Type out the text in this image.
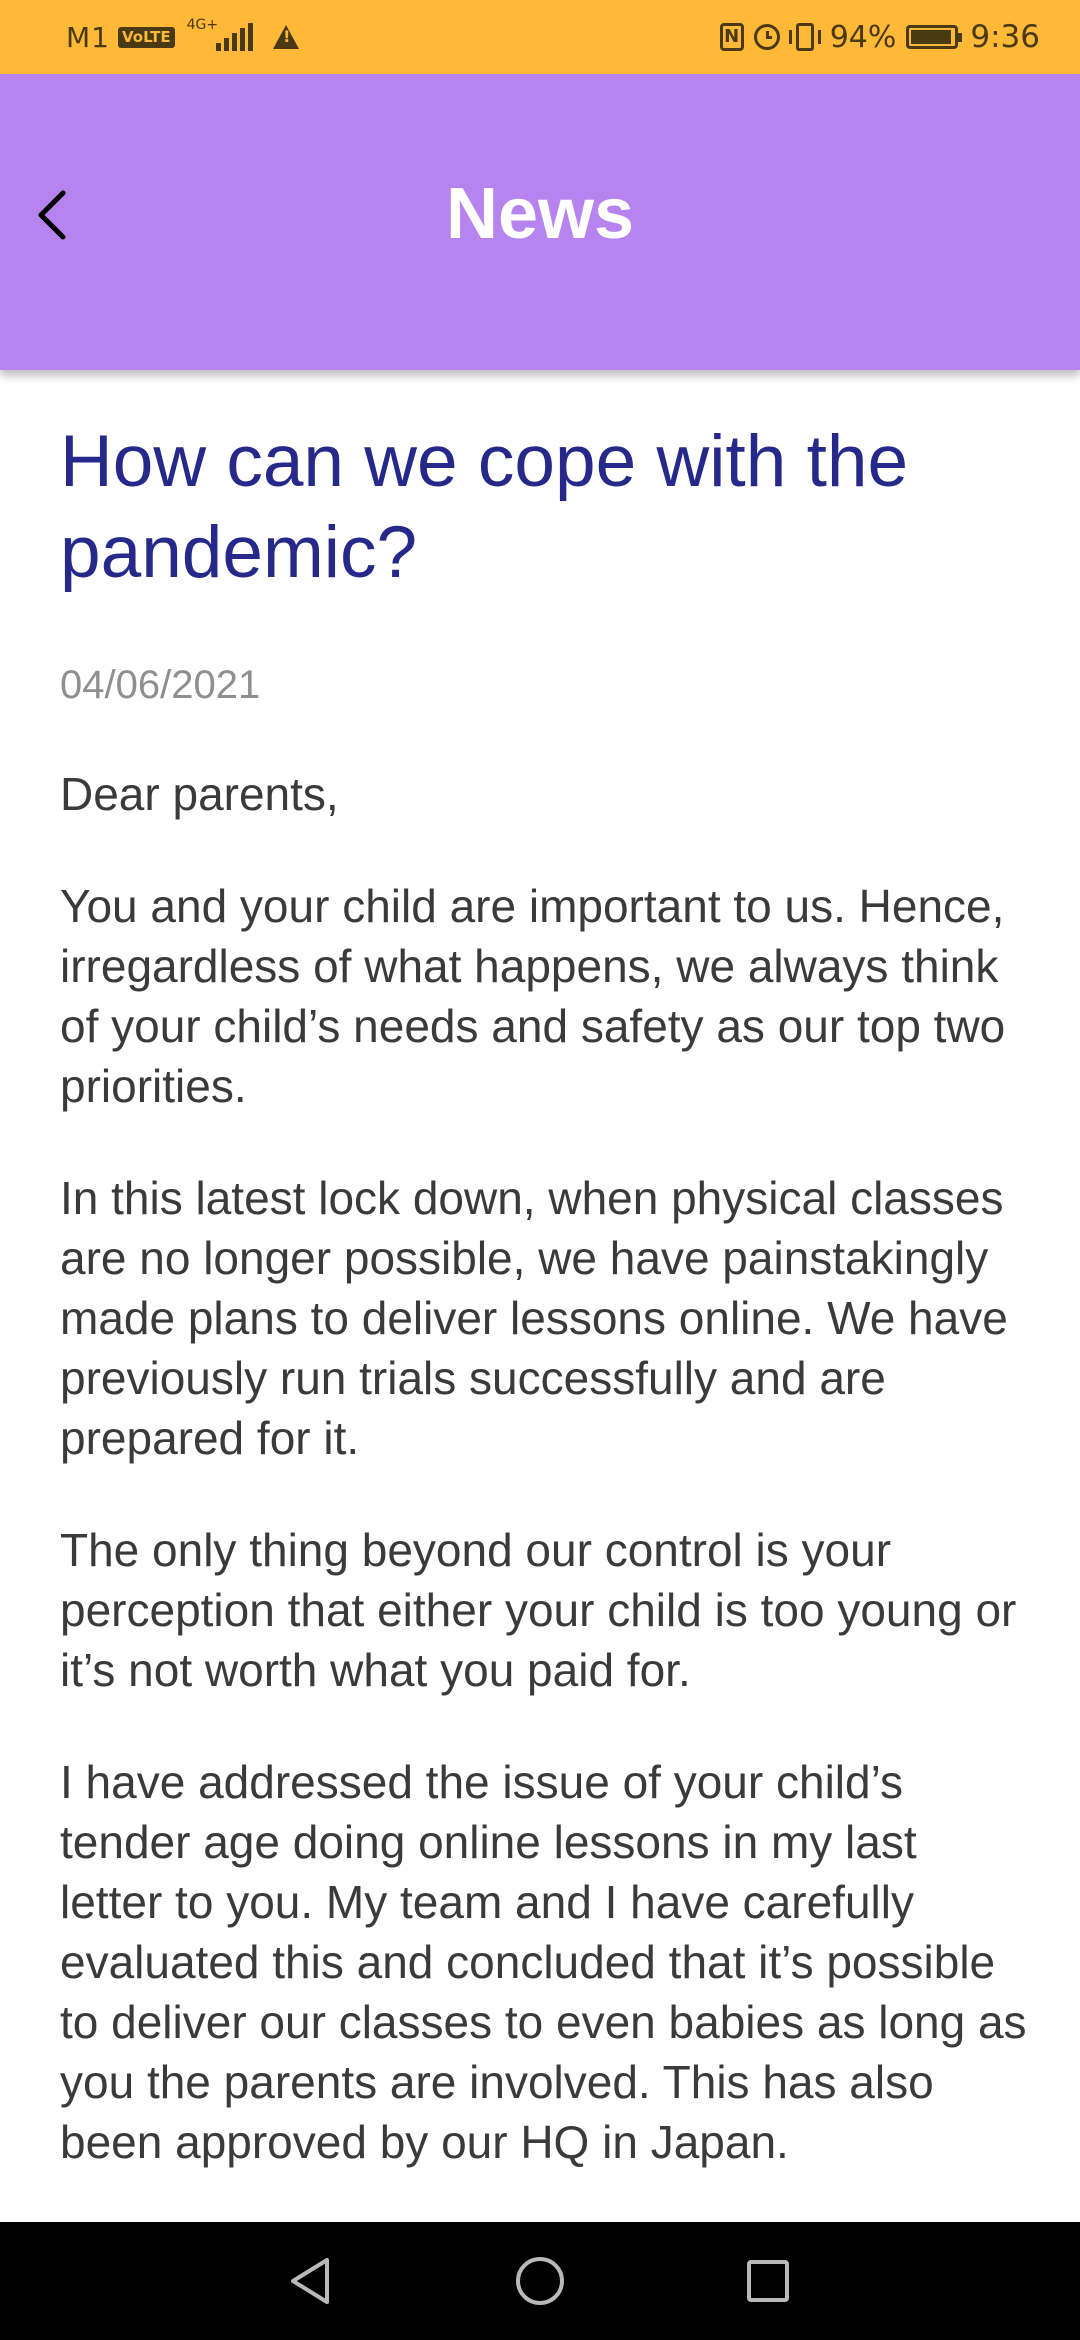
M1 VoLTE
4G+
!
N	94% 9:36
News
How can we cope with the pandemic?
04/06/2021

Dear parents,

You and your child are important to us. Hence, irregardless of what happens, we always think of your child’s needs and safety as our top two priorities.

In this latest lock down, when physical classes are no longer possible, we have painstakingly made plans to deliver lessons online. We have previously run trials successfully and are prepared for it.

The only thing beyond our control is your perception that either your child is too young or it’s not worth what you paid for.

I have addressed the issue of your child’s tender age doing online lessons in my last letter to you. My team and I have carefully evaluated this and concluded that it’s possible to deliver our classes to even babies as long as you the parents are involved. This has also been approved by our HQ in Japan.
